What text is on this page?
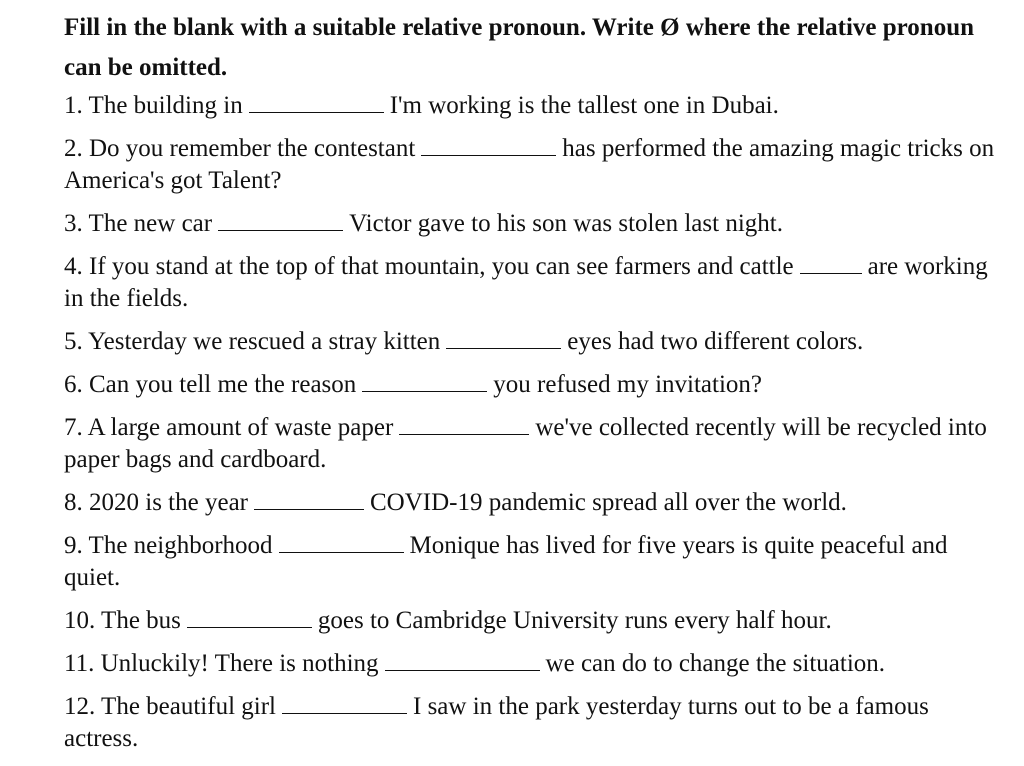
Fill in the blank with a suitable relative pronoun. Write Ø where the relative pronoun can be omitted.
1. The building in	I'm working is the tallest one in Dubai.
2. Do you remember the contestant	has performed the amazing magic tricks on America's got Talent?
3. The new car	Victor gave to his son was stolen last night.
4. If you stand at the top of that mountain, you can see farmers and cattle	are working in the fields.
5. Yesterday we rescued a stray kitten	eyes had two different colors.
6. Can you tell me the reason	you refused my invitation?
7. A large amount of waste paper	we've collected recently will be recycled into paper bags and cardboard.
8. 2020 is the year	COVID-19 pandemic spread all over the world.
9. The neighborhood	Monique has lived for five years is quite peaceful and quiet.
10. The bus	goes to Cambridge University runs every half hour.
11. Unluckily! There is nothing	we can do to change the situation.
12. The beautiful girl	I saw in the park yesterday turns out to be a famous actress.
